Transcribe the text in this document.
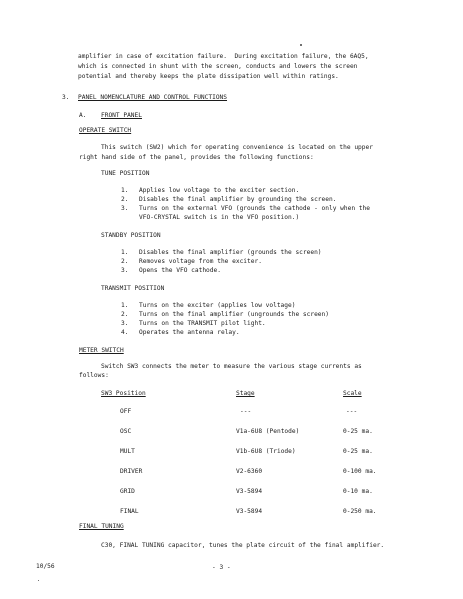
amplifier in case of excitation failure.  During excitation failure, the 6AQ5,
which is connected in shunt with the screen, conducts and lowers the screen
potential and thereby keeps the plate dissipation well within ratings.
3. PANEL NOMENCLATURE AND CONTROL FUNCTIONS
A. FRONT PANEL
OPERATE SWITCH
This switch (SW2) which for operating convenience is located on the upper
right hand side of the panel, provides the following functions:
TUNE POSITION
1. Applies low voltage to the exciter section.
2. Disables the final amplifier by grounding the screen.
3. Turns on the external VFO (grounds the cathode - only when the
VFO-CRYSTAL switch is in the VFO position.)
STANDBY POSITION
1. Disables the final amplifier (grounds the screen)
2. Removes voltage from the exciter.
3. Opens the VFO cathode.
TRANSMIT POSITION
1. Turns on the exciter (applies low voltage)
2. Turns on the final amplifier (ungrounds the screen)
3. Turns on the TRANSMIT pilot light.
4. Operates the antenna relay.
METER SWITCH
Switch SW3 connects the meter to measure the various stage currents as
follows:
SW3 Position	Stage	Scale
OFF	---	---
OSC	V1a-6U8 (Pentode)	0-25 ma.
MULT	V1b-6U8 (Triode)	0-25 ma.
DRIVER	V2-6360	0-100 ma.
GRID	V3-5894	0-10 ma.
FINAL	V3-5894	0-250 ma.
FINAL TUNING
C30, FINAL TUNING capacitor, tunes the plate circuit of the final amplifier.
10/56	- 3 -
